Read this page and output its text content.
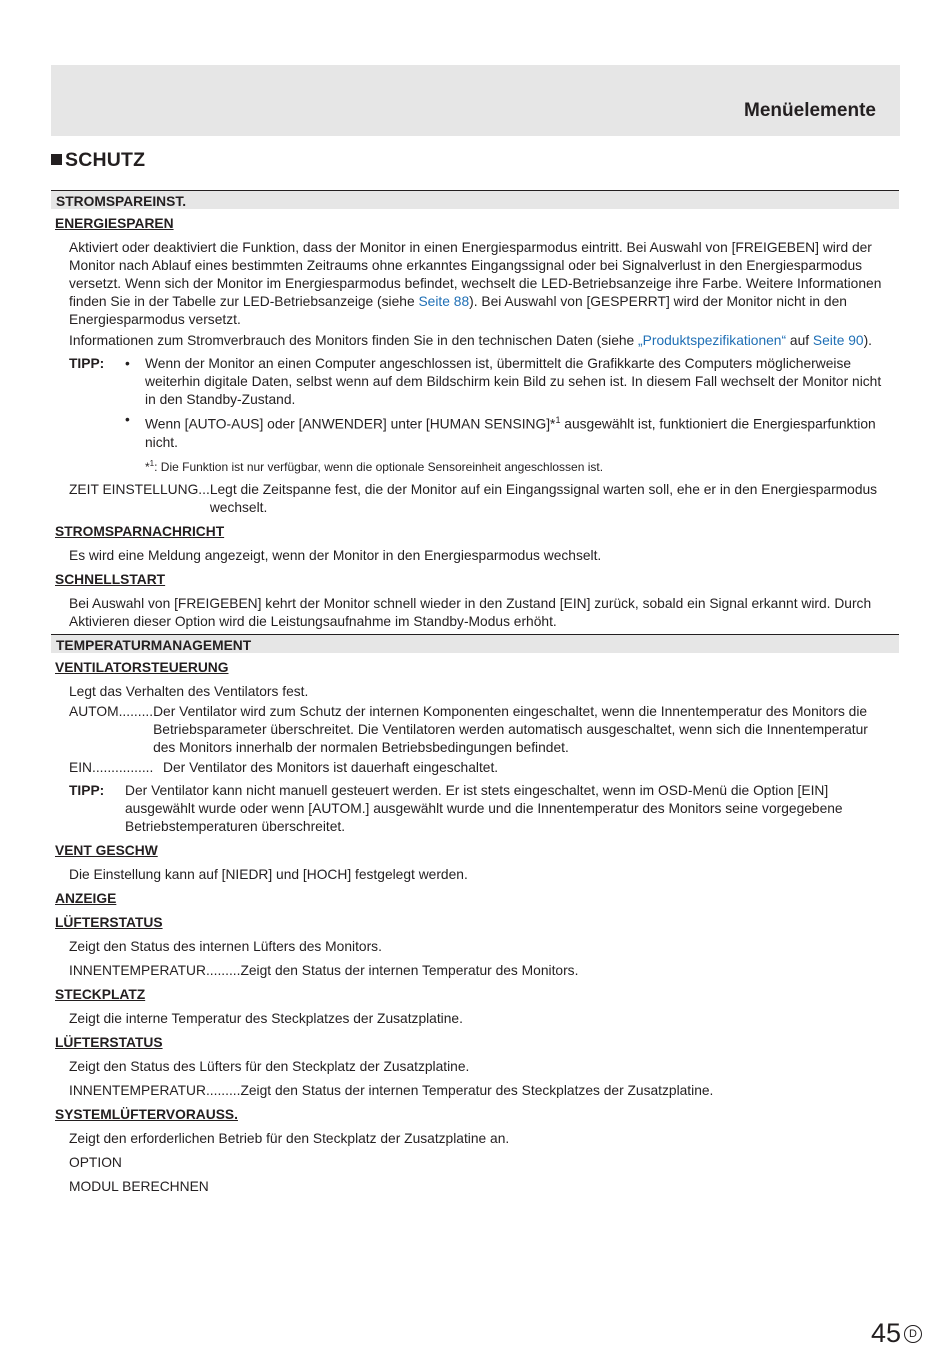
Menüelemente
SCHUTZ
STROMSPAREINST.
ENERGIESPAREN
Aktiviert oder deaktiviert die Funktion, dass der Monitor in einen Energiesparmodus eintritt. Bei Auswahl von [FREIGEBEN] wird der Monitor nach Ablauf eines bestimmten Zeitraums ohne erkanntes Eingangssignal oder bei Signalverlust in den Energiesparmodus versetzt. Wenn sich der Monitor im Energiesparmodus befindet, wechselt die LED-Betriebsanzeige ihre Farbe. Weitere Informationen finden Sie in der Tabelle zur LED-Betriebsanzeige (siehe Seite 88). Bei Auswahl von [GESPERRT] wird der Monitor nicht in den Energiesparmodus versetzt.
Informationen zum Stromverbrauch des Monitors finden Sie in den technischen Daten (siehe „Produktspezifikationen“ auf Seite 90).
TIPP:	•	Wenn der Monitor an einen Computer angeschlossen ist, übermittelt die Grafikkarte des Computers möglicherweise weiterhin digitale Daten, selbst wenn auf dem Bildschirm kein Bild zu sehen ist. In diesem Fall wechselt der Monitor nicht in den Standby-Zustand.
•	Wenn [AUTO-AUS] oder [ANWENDER] unter [HUMAN SENSING]*$^1$ ausgewählt ist, funktioniert die Energiesparfunktion nicht.
*$^1$: Die Funktion ist nur verfügbar, wenn die optionale Sensoreinheit angeschlossen ist.
ZEIT EINSTELLUNG... Legt die Zeitspanne fest, die der Monitor auf ein Eingangssignal warten soll, ehe er in den Energiesparmodus wechselt.
STROMSPARNACHRICHT
Es wird eine Meldung angezeigt, wenn der Monitor in den Energiesparmodus wechselt.
SCHNELLSTART
Bei Auswahl von [FREIGEBEN] kehrt der Monitor schnell wieder in den Zustand [EIN] zurück, sobald ein Signal erkannt wird. Durch Aktivieren dieser Option wird die Leistungsaufnahme im Standby-Modus erhöht.
TEMPERATURMANAGEMENT
VENTILATORSTEUERUNG
Legt das Verhalten des Ventilators fest.
AUTOM......... Der Ventilator wird zum Schutz der internen Komponenten eingeschaltet, wenn die Innentemperatur des Monitors die Betriebsparameter überschreitet. Die Ventilatoren werden automatisch ausgeschaltet, wenn sich die Innentemperatur des Monitors innerhalb der normalen Betriebsbedingungen befindet.
EIN................ Der Ventilator des Monitors ist dauerhaft eingeschaltet.
TIPP:	Der Ventilator kann nicht manuell gesteuert werden. Er ist stets eingeschaltet, wenn im OSD-Menü die Option [EIN] ausgewählt wurde oder wenn [AUTOM.] ausgewählt wurde und die Innentemperatur des Monitors seine vorgegebene Betriebstemperaturen überschreitet.
VENT GESCHW
Die Einstellung kann auf [NIEDR] und [HOCH] festgelegt werden.
ANZEIGE
LÜFTERSTATUS
Zeigt den Status des internen Lüfters des Monitors.
INNENTEMPERATUR......... Zeigt den Status der internen Temperatur des Monitors.
STECKPLATZ
Zeigt die interne Temperatur des Steckplatzes der Zusatzplatine.
LÜFTERSTATUS
Zeigt den Status des Lüfters für den Steckplatz der Zusatzplatine.
INNENTEMPERATUR......... Zeigt den Status der internen Temperatur des Steckplatzes der Zusatzplatine.
SYSTEMLÜFTERVORAUSS.
Zeigt den erforderlichen Betrieb für den Steckplatz der Zusatzplatine an.
OPTION
MODUL BERECHNEN
45 D
